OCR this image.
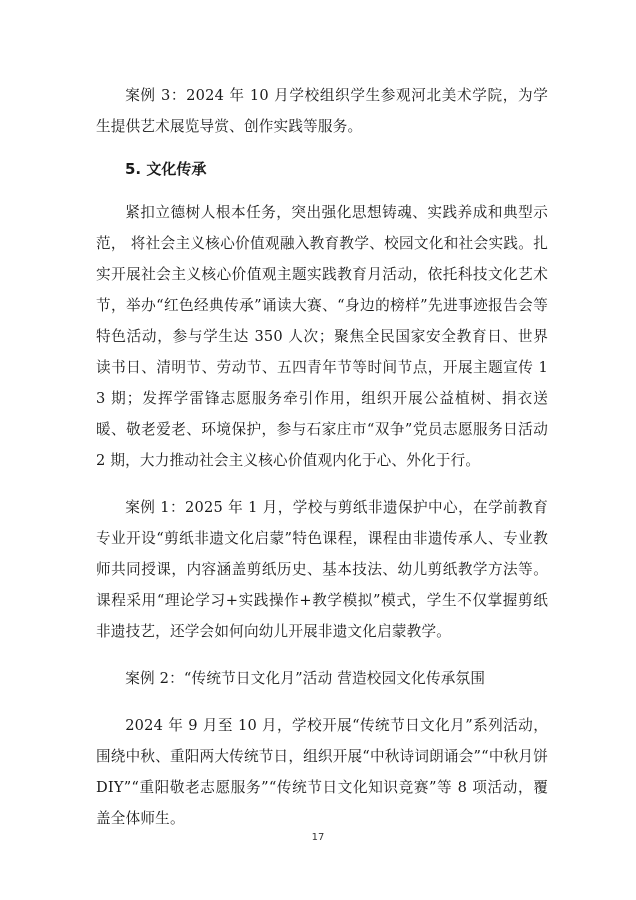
案例 3：2024 年 10 月学校组织学生参观河北美术学院，为学生提供艺术展览导赏、创作实践等服务。

5. 文化传承

紧扣立德树人根本任务，突出强化思想铸魂、实践养成和典型示范， 将社会主义核心价值观融入教育教学、校园文化和社会实践。扎实开展社会主义核心价值观主题实践教育月活动，依托科技文化艺术节，举办“红色经典传承”诵读大赛、“身边的榜样”先进事迹报告会等特色活动，参与学生达 350 人次；聚焦全民国家安全教育日、世界读书日、清明节、劳动节、五四青年节等时间节点，开展主题宣传 13 期；发挥学雷锋志愿服务牵引作用，组织开展公益植树、捐衣送暖、敬老爱老、环境保护，参与石家庄市“双争”党员志愿服务日活动 2 期，大力推动社会主义核心价值观内化于心、外化于行。

案例 1：2025 年 1 月，学校与剪纸非遗保护中心，在学前教育专业开设“剪纸非遗文化启蒙”特色课程，课程由非遗传承人、专业教师共同授课，内容涵盖剪纸历史、基本技法、幼儿剪纸教学方法等。课程采用“理论学习+实践操作+教学模拟”模式，学生不仅掌握剪纸非遗技艺，还学会如何向幼儿开展非遗文化启蒙教学。

案例 2：“传统节日文化月”活动 营造校园文化传承氛围

2024 年 9 月至 10 月，学校开展“传统节日文化月”系列活动，围绕中秋、重阳两大传统节日，组织开展“中秋诗词朗诵会”“中秋月饼 DIY”“重阳敬老志愿服务”“传统节日文化知识竞赛”等 8 项活动，覆盖全体师生。

17
